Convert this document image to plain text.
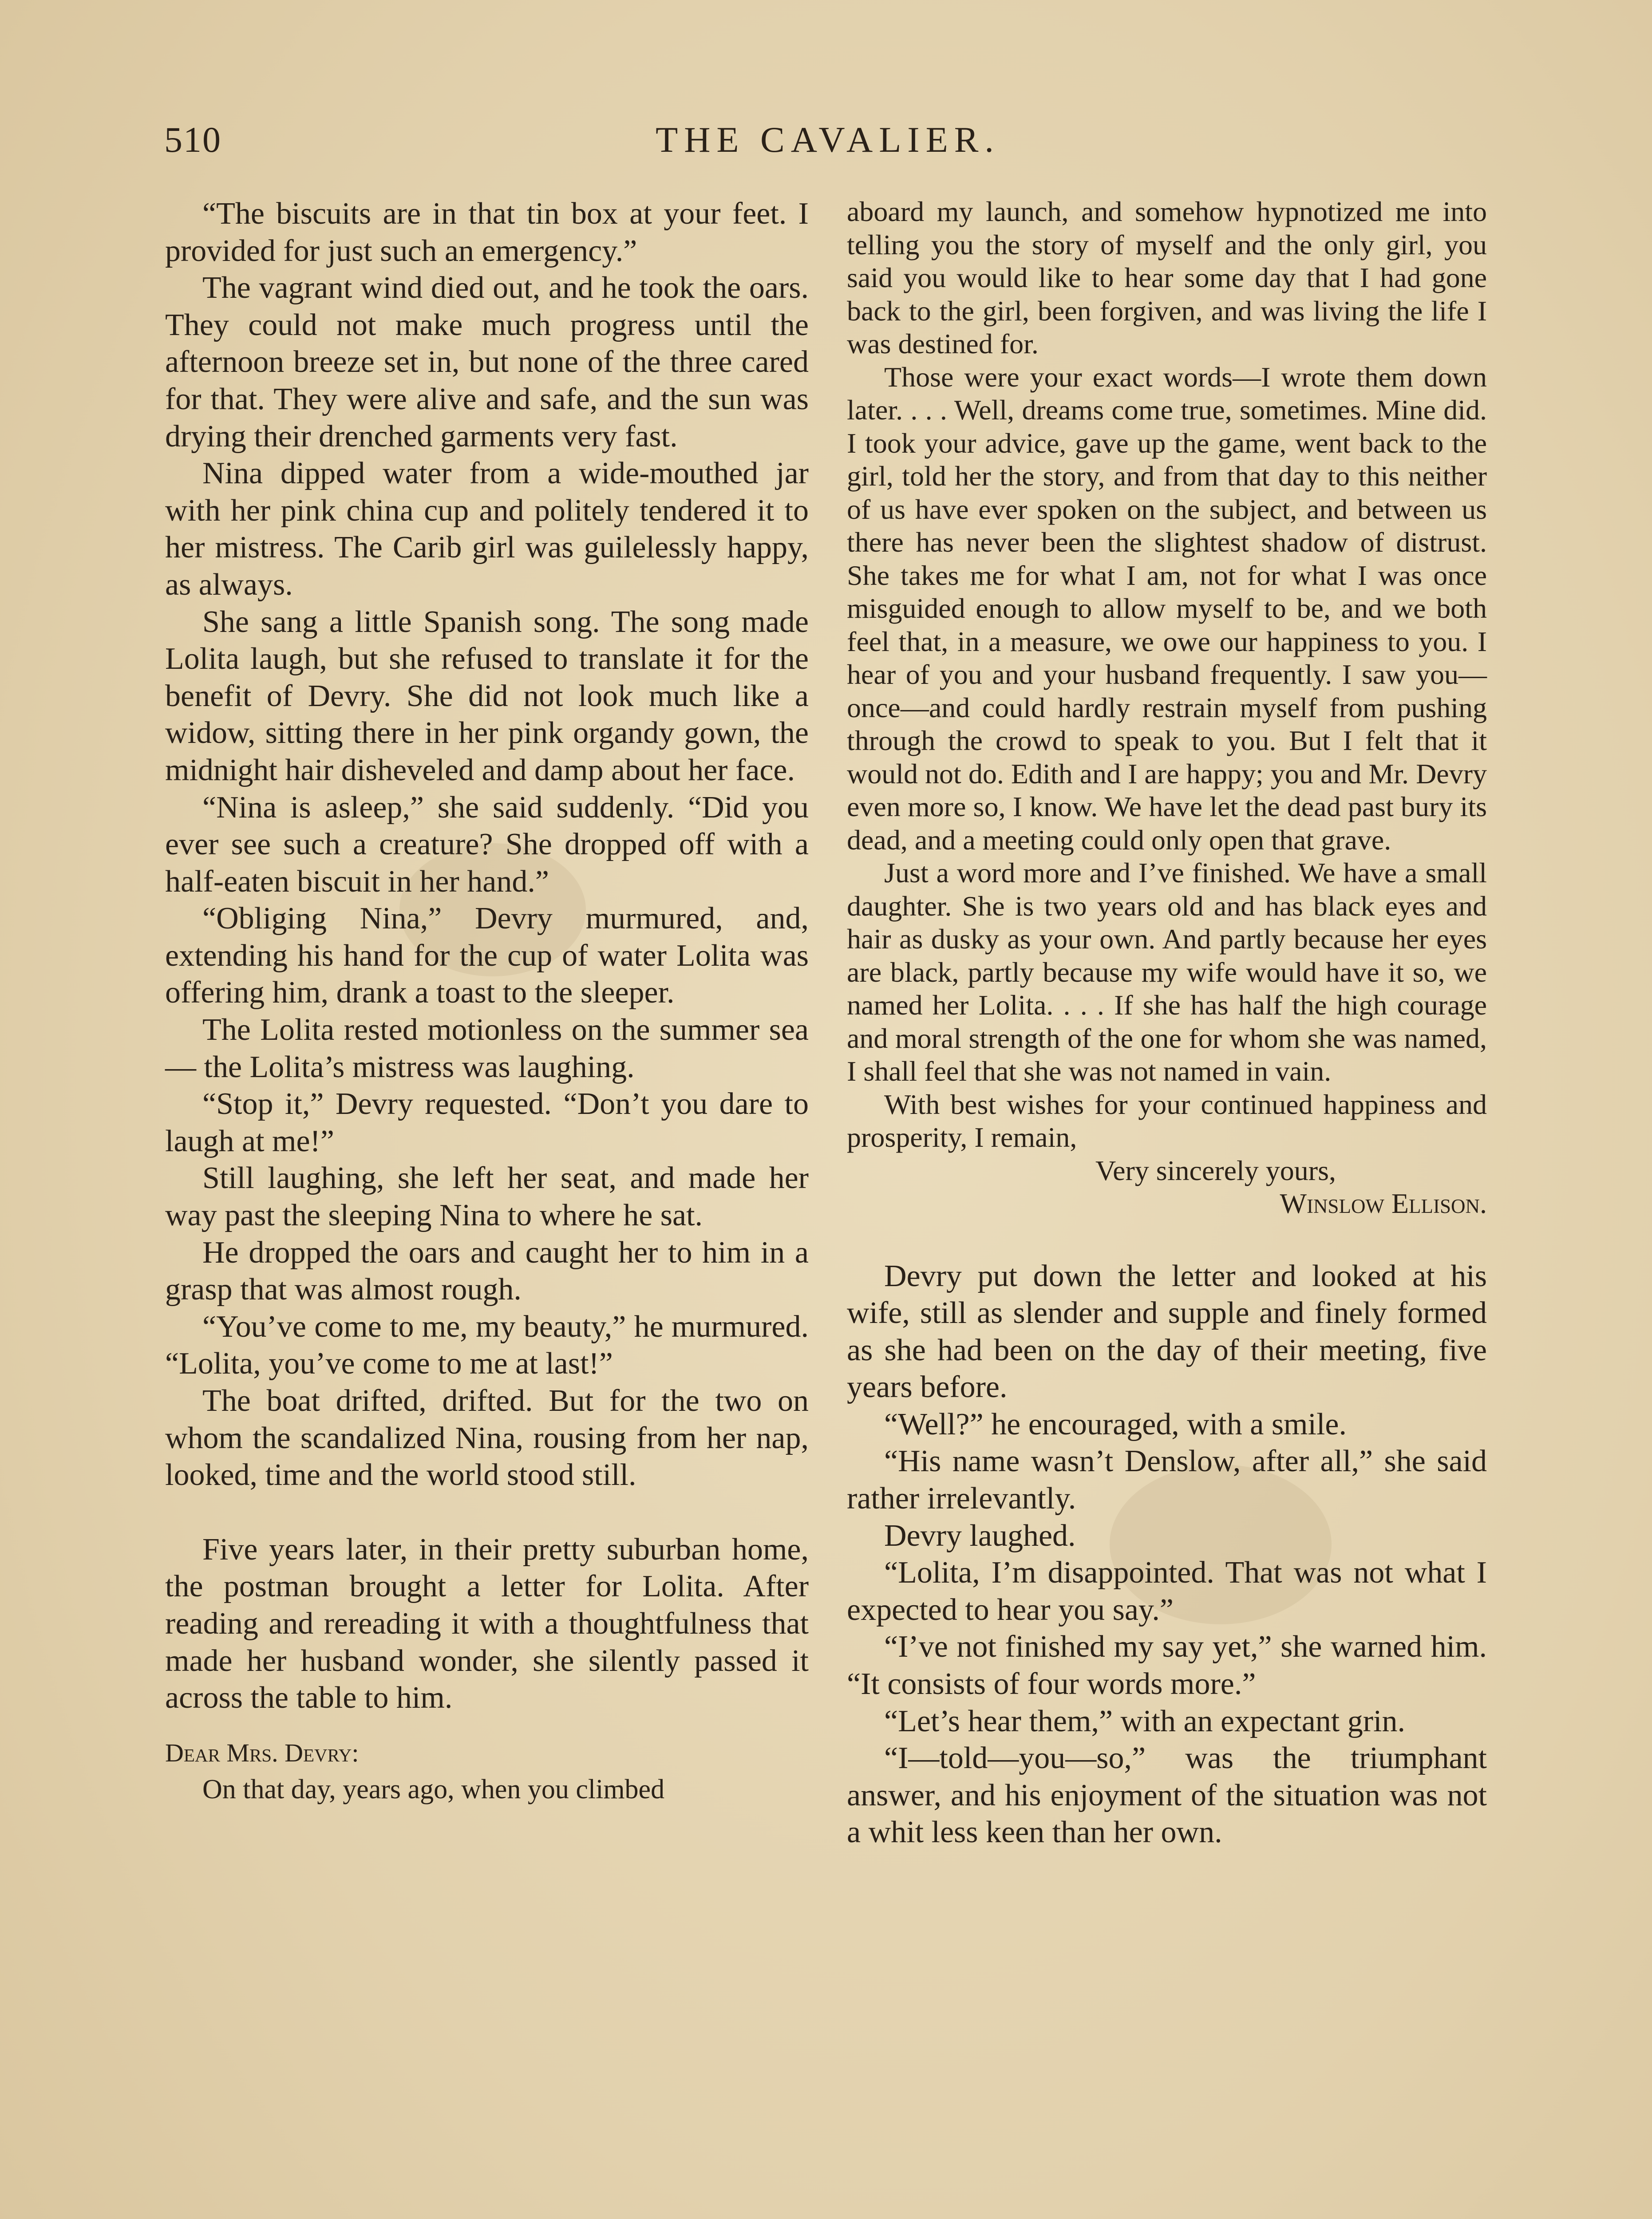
510	THE CAVALIER.

“The biscuits are in that tin box at your feet. I provided for just such an emergency.”

The vagrant wind died out, and he took the oars. They could not make much progress until the afternoon breeze set in, but none of the three cared for that. They were alive and safe, and the sun was drying their drenched garments very fast.

Nina dipped water from a wide-mouthed jar with her pink china cup and politely tendered it to her mistress. The Carib girl was guilelessly happy, as always.

She sang a little Spanish song. The song made Lolita laugh, but she refused to translate it for the benefit of Devry. She did not look much like a widow, sitting there in her pink organdy gown, the midnight hair disheveled and damp about her face.

“Nina is asleep,” she said suddenly. “Did you ever see such a creature? She dropped off with a half-eaten biscuit in her hand.”

“Obliging Nina,” Devry murmured, and, extending his hand for the cup of water Lolita was offering him, drank a toast to the sleeper.

The Lolita rested motionless on the summer sea — the Lolita’s mistress was laughing.

“Stop it,” Devry requested. “Don’t you dare to laugh at me!”

Still laughing, she left her seat, and made her way past the sleeping Nina to where he sat.

He dropped the oars and caught her to him in a grasp that was almost rough.

“You’ve come to me, my beauty,” he murmured. “Lolita, you’ve come to me at last!”

The boat drifted, drifted. But for the two on whom the scandalized Nina, rousing from her nap, looked, time and the world stood still.

Five years later, in their pretty suburban home, the postman brought a letter for Lolita. After reading and rereading it with a thoughtfulness that made her husband wonder, she silently passed it across the table to him.

Dear Mrs. Devry:

On that day, years ago, when you climbed

aboard my launch, and somehow hypnotized me into telling you the story of myself and the only girl, you said you would like to hear some day that I had gone back to the girl, been forgiven, and was living the life I was destined for.

Those were your exact words—I wrote them down later. . . . Well, dreams come true, sometimes. Mine did. I took your advice, gave up the game, went back to the girl, told her the story, and from that day to this neither of us have ever spoken on the subject, and between us there has never been the slightest shadow of distrust. She takes me for what I am, not for what I was once misguided enough to allow myself to be, and we both feel that, in a measure, we owe our happiness to you. I hear of you and your husband frequently. I saw you—once—and could hardly restrain myself from pushing through the crowd to speak to you. But I felt that it would not do. Edith and I are happy; you and Mr. Devry even more so, I know. We have let the dead past bury its dead, and a meeting could only open that grave.

Just a word more and I’ve finished. We have a small daughter. She is two years old and has black eyes and hair as dusky as your own. And partly because her eyes are black, partly because my wife would have it so, we named her Lolita. . . . If she has half the high courage and moral strength of the one for whom she was named, I shall feel that she was not named in vain.

With best wishes for your continued happiness and prosperity, I remain,

Very sincerely yours,

Winslow Ellison.

Devry put down the letter and looked at his wife, still as slender and supple and finely formed as she had been on the day of their meeting, five years before.

“Well?” he encouraged, with a smile.

“His name wasn’t Denslow, after all,” she said rather irrelevantly.

Devry laughed.

“Lolita, I’m disappointed. That was not what I expected to hear you say.”

“I’ve not finished my say yet,” she warned him. “It consists of four words more.”

“Let’s hear them,” with an expectant grin.

“I—told—you—so,” was the triumphant answer, and his enjoyment of the situation was not a whit less keen than her own.
